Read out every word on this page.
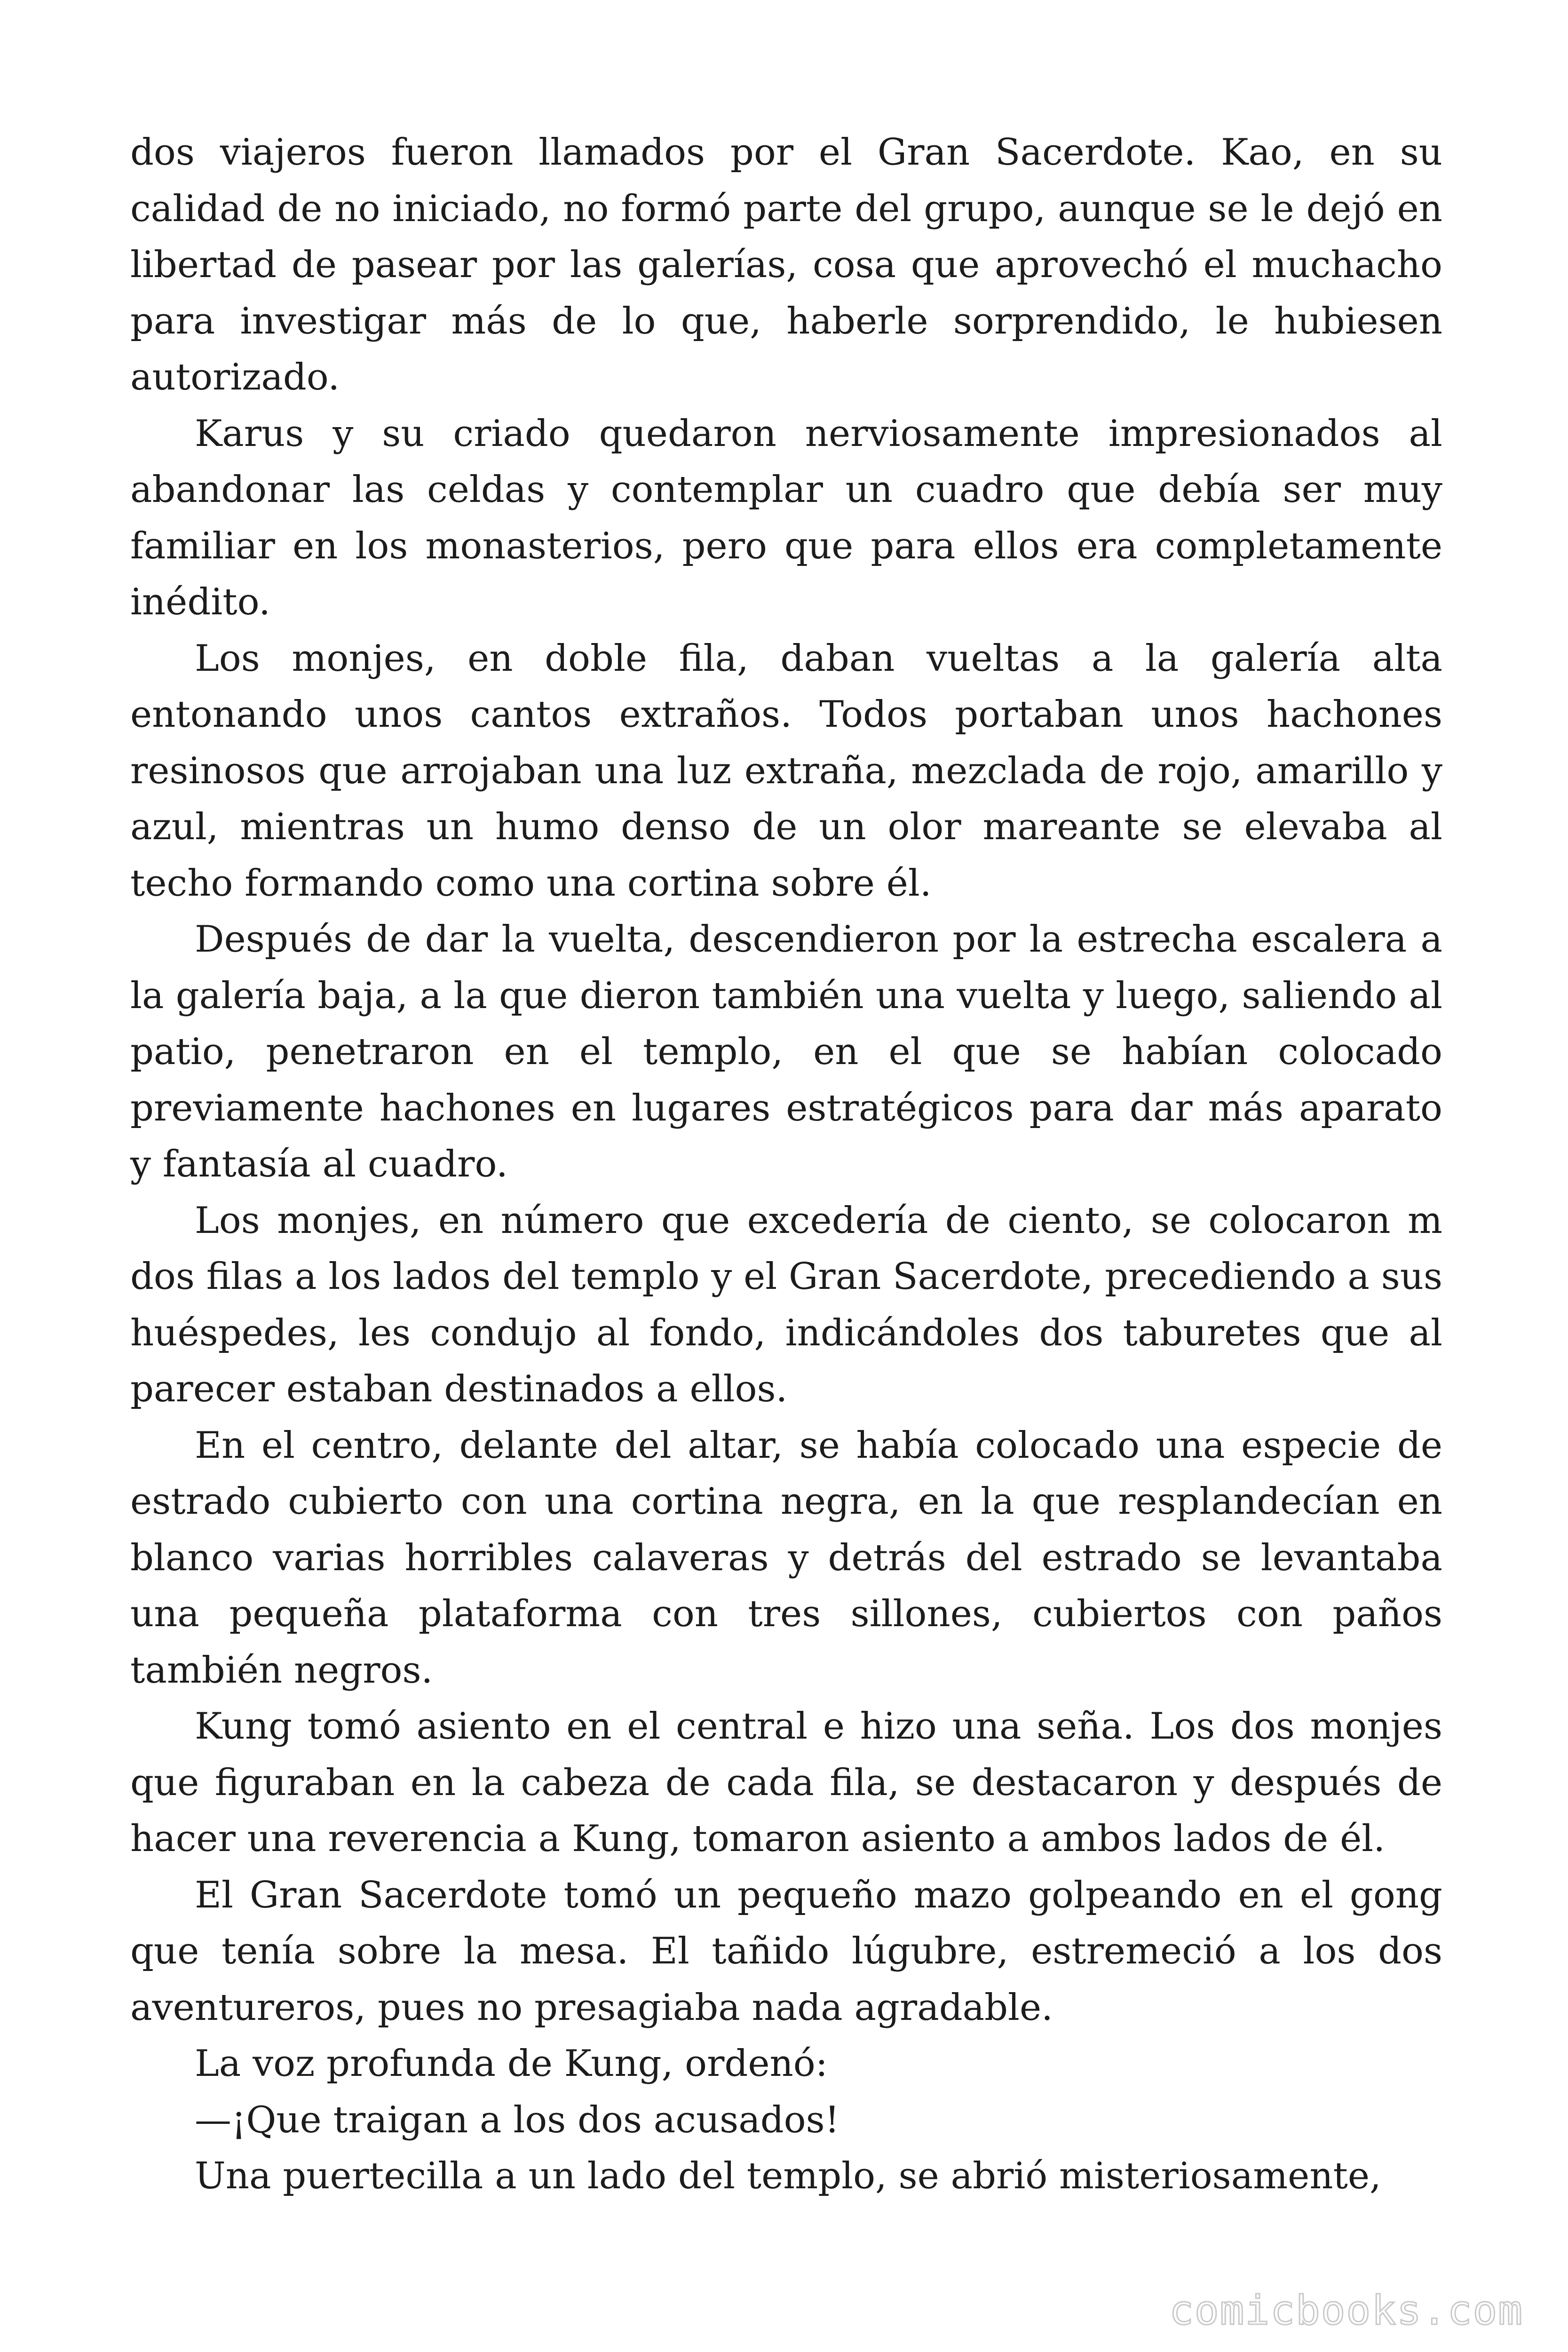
dos viajeros fueron llamados por el Gran Sacerdote. Kao, en su calidad de no iniciado, no formó parte del grupo, aunque se le dejó en libertad de pasear por las galerías, cosa que aprovechó el muchacho para investigar más de lo que, haberle sorprendido, le hubiesen autorizado.

Karus y su criado quedaron nerviosamente impresionados al abandonar las celdas y contemplar un cuadro que debía ser muy familiar en los monasterios, pero que para ellos era completamente inédito.

Los monjes, en doble fila, daban vueltas a la galería alta entonando unos cantos extraños. Todos portaban unos hachones resinosos que arrojaban una luz extraña, mezclada de rojo, amarillo y azul, mientras un humo denso de un olor mareante se elevaba al techo formando como una cortina sobre él.

Después de dar la vuelta, descendieron por la estrecha escalera a la galería baja, a la que dieron también una vuelta y luego, saliendo al patio, penetraron en el templo, en el que se habían colocado previamente hachones en lugares estratégicos para dar más aparato y fantasía al cuadro.

Los monjes, en número que excedería de ciento, se colocaron m dos filas a los lados del templo y el Gran Sacerdote, precediendo a sus huéspedes, les condujo al fondo, indicándoles dos taburetes que al parecer estaban destinados a ellos.

En el centro, delante del altar, se había colocado una especie de estrado cubierto con una cortina negra, en la que resplandecían en blanco varias horribles calaveras y detrás del estrado se levantaba una pequeña plataforma con tres sillones, cubiertos con paños también negros.

Kung tomó asiento en el central e hizo una seña. Los dos monjes que figuraban en la cabeza de cada fila, se destacaron y después de hacer una reverencia a Kung, tomaron asiento a ambos lados de él.

El Gran Sacerdote tomó un pequeño mazo golpeando en el gong que tenía sobre la mesa. El tañido lúgubre, estremeció a los dos aventureros, pues no presagiaba nada agradable.

La voz profunda de Kung, ordenó:

—¡Que traigan a los dos acusados!

Una puertecilla a un lado del templo, se abrió misteriosamente,

comicbooks.com
